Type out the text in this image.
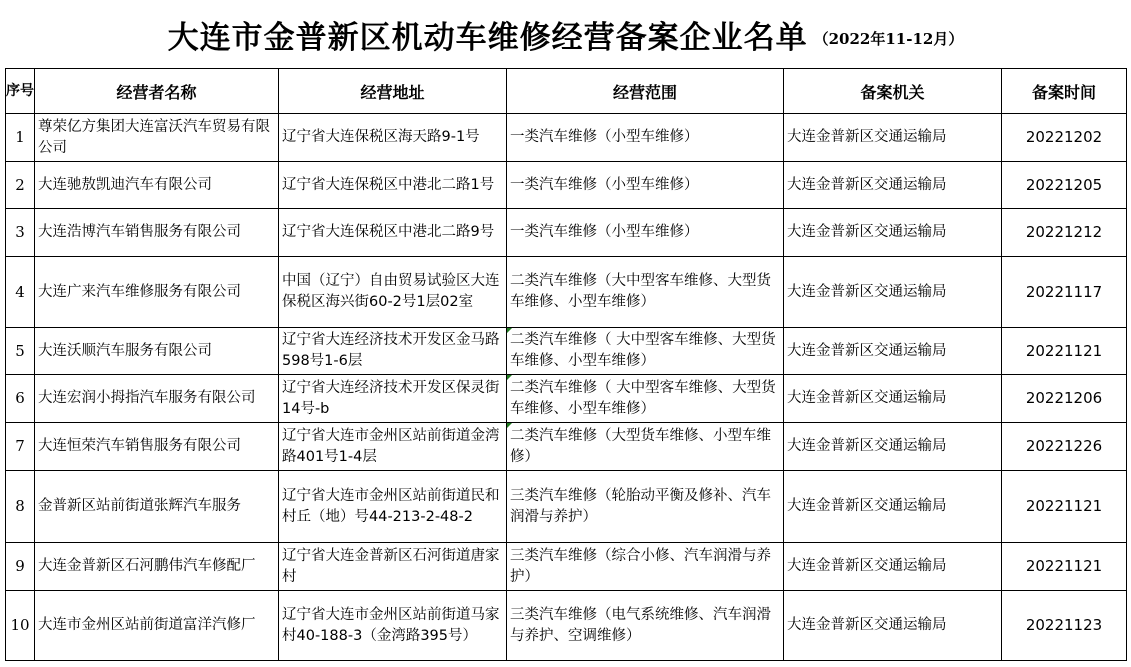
大连市金普新区机动车维修经营备案企业名单 （2022年11-12月）
序号	经营者名称	经营地址	经营范围	备案机关	备案时间
1	尊荣亿方集团大连富沃汽车贸易有限公司	辽宁省大连保税区海天路9-1号	一类汽车维修（小型车维修）	大连金普新区交通运输局	20221202
2	大连驰敖凯迪汽车有限公司	辽宁省大连保税区中港北二路1号	一类汽车维修（小型车维修）	大连金普新区交通运输局	20221205
3	大连浩博汽车销售服务有限公司	辽宁省大连保税区中港北二路9号	一类汽车维修（小型车维修）	大连金普新区交通运输局	20221212
4	大连广来汽车维修服务有限公司	中国（辽宁）自由贸易试验区大连保税区海兴街60-2号1层02室	二类汽车维修（大中型客车维修、大型货车维修、小型车维修）	大连金普新区交通运输局	20221117
5	大连沃顺汽车服务有限公司	辽宁省大连经济技术开发区金马路598号1-6层	二类汽车维修（ 大中型客车维修、大型货车维修、小型车维修）	大连金普新区交通运输局	20221121
6	大连宏润小拇指汽车服务有限公司	辽宁省大连经济技术开发区保灵街14号-b	二类汽车维修（ 大中型客车维修、大型货车维修、小型车维修）	大连金普新区交通运输局	20221206
7	大连恒荣汽车销售服务有限公司	辽宁省大连市金州区站前街道金湾路401号1-4层	二类汽车维修（大型货车维修、小型车维修）	大连金普新区交通运输局	20221226
8	金普新区站前街道张辉汽车服务	辽宁省大连市金州区站前街道民和村丘（地）号44-213-2-48-2	三类汽车维修（轮胎动平衡及修补、汽车润滑与养护）	大连金普新区交通运输局	20221121
9	大连金普新区石河鹏伟汽车修配厂	辽宁省大连金普新区石河街道唐家村	三类汽车维修（综合小修、汽车润滑与养护）	大连金普新区交通运输局	20221121
10	大连市金州区站前街道富洋汽修厂	辽宁省大连市金州区站前街道马家村40-188-3（金湾路395号）	三类汽车维修（电气系统维修、汽车润滑与养护、空调维修）	大连金普新区交通运输局	20221123
